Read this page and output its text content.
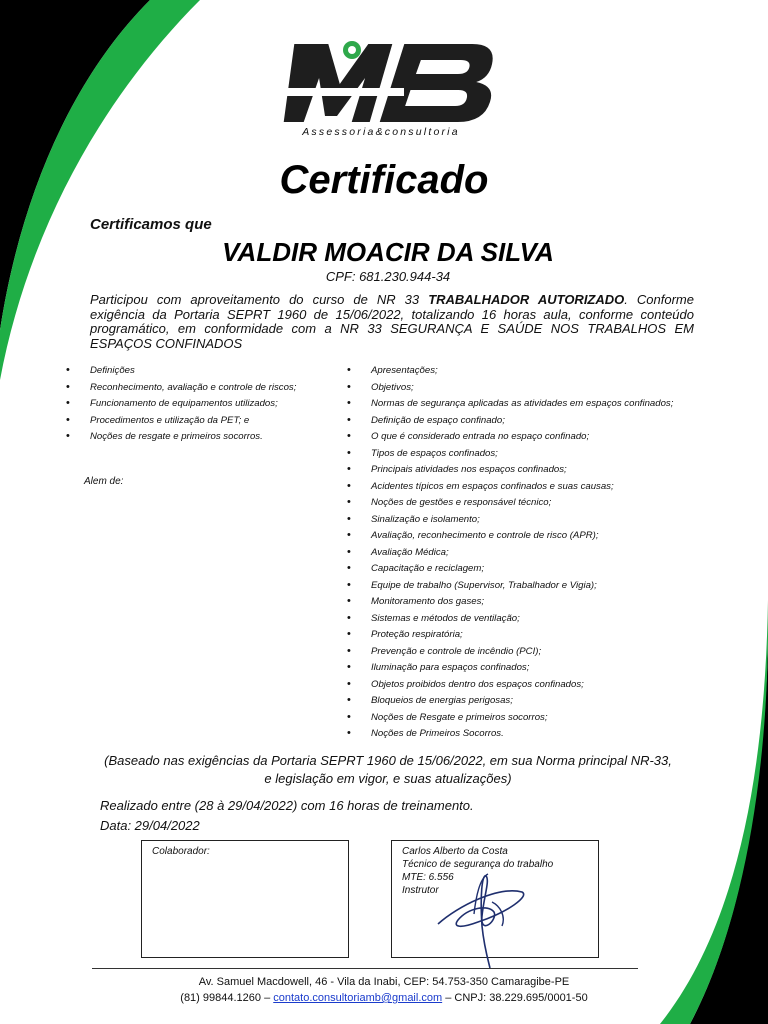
Assessoria&consultoria
Certificado
Certificamos que
VALDIR MOACIR DA SILVA
CPF: 681.230.944-34
Participou com aproveitamento do curso de NR 33 TRABALHADOR AUTORIZADO. Conforme exigência da Portaria SEPRT 1960 de 15/06/2022, totalizando 16 horas aula, conforme conteúdo programático, em conformidade com a NR 33 SEGURANÇA E SAÚDE NOS TRABALHOS EM ESPAÇOS CONFINADOS
• Definições
• Reconhecimento, avaliação e controle de riscos;
• Funcionamento de equipamentos utilizados;
• Procedimentos e utilização da PET; e
• Noções de resgate e primeiros socorros.
Alem de:
• Apresentações;
• Objetivos;
• Normas de segurança aplicadas as atividades em espaços confinados;
• Definição de espaço confinado;
• O que é considerado entrada no espaço confinado;
• Tipos de espaços confinados;
• Principais atividades nos espaços confinados;
• Acidentes típicos em espaços confinados e suas causas;
• Noções de gestões e responsável técnico;
• Sinalização e isolamento;
• Avaliação, reconhecimento e controle de risco (APR);
• Avaliação Médica;
• Capacitação e reciclagem;
• Equipe de trabalho (Supervisor, Trabalhador e Vigia);
• Monitoramento dos gases;
• Sistemas e métodos de ventilação;
• Proteção respiratória;
• Prevenção e controle de incêndio (PCI);
• Iluminação para espaços confinados;
• Objetos proibidos dentro dos espaços confinados;
• Bloqueios de energias perigosas;
• Noções de Resgate e primeiros socorros;
• Noções de Primeiros Socorros.
(Baseado nas exigências da Portaria SEPRT 1960 de 15/06/2022, em sua Norma principal NR-33, e legislação em vigor, e suas atualizações)
Realizado entre (28 à 29/04/2022) com 16 horas de treinamento.
Data: 29/04/2022
Colaborador:	Carlos Alberto da Costa
Técnico de segurança do trabalho
MTE: 6.556
Instrutor
Av. Samuel Macdowell, 46 - Vila da Inabi, CEP: 54.753-350 Camaragibe-PE
(81) 99844.1260 – contato.consultoriamb@gmail.com – CNPJ: 38.229.695/0001-50
